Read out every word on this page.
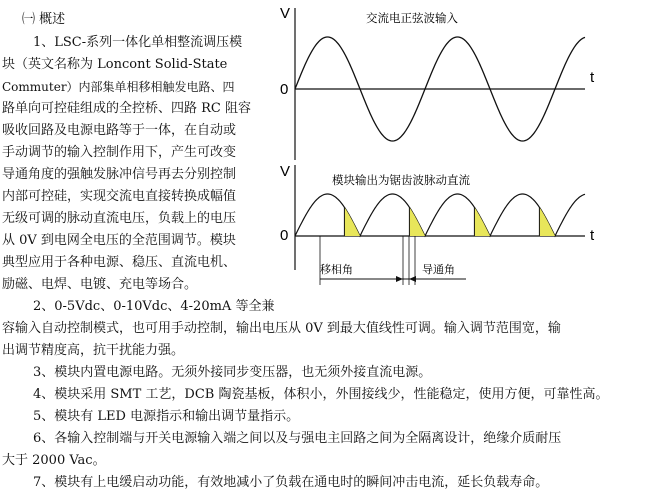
㈠ 概述
1、LSC-系列一体化单相整流调压模
块（英文名称为 Loncont Solid-State
Commuter）内部集单相移相触发电路、四
路单向可控硅组成的全控桥、四路 RC 阻容
吸收回路及电源电路等于一体，在自动或
手动调节的输入控制作用下，产生可改变
导通角度的强触发脉冲信号再去分别控制
内部可控硅，实现交流电直接转换成幅值
无级可调的脉动直流电压，负载上的电压
从 0V 到电网全电压的全范围调节。模块
典型应用于各种电源、稳压、直流电机、
励磁、电焊、电镀、充电等场合。
2、0-5Vdc、0-10Vdc、4-20mA 等全兼
容输入自动控制模式，也可用手动控制，输出电压从 0V 到最大值线性可调。输入调节范围宽，输
出调节精度高，抗干扰能力强。
3、模块内置电源电路。无须外接同步变压器，也无须外接直流电源。
4、模块采用 SMT 工艺，DCB 陶瓷基板，体积小，外围接线少，性能稳定，使用方便，可靠性高。
5、模块有 LED 电源指示和输出调节量指示。
6、各输入控制端与开关电源输入端之间以及与强电主回路之间为全隔离设计，绝缘介质耐压
大于 2000 Vac。
7、模块有上电缓启动功能，有效地减小了负载在通电时的瞬间冲击电流，延长负载寿命。
V
0
t
交流电正弦波输入
V
0	t
模块输出为锯齿波脉动直流
移相角	导通角
